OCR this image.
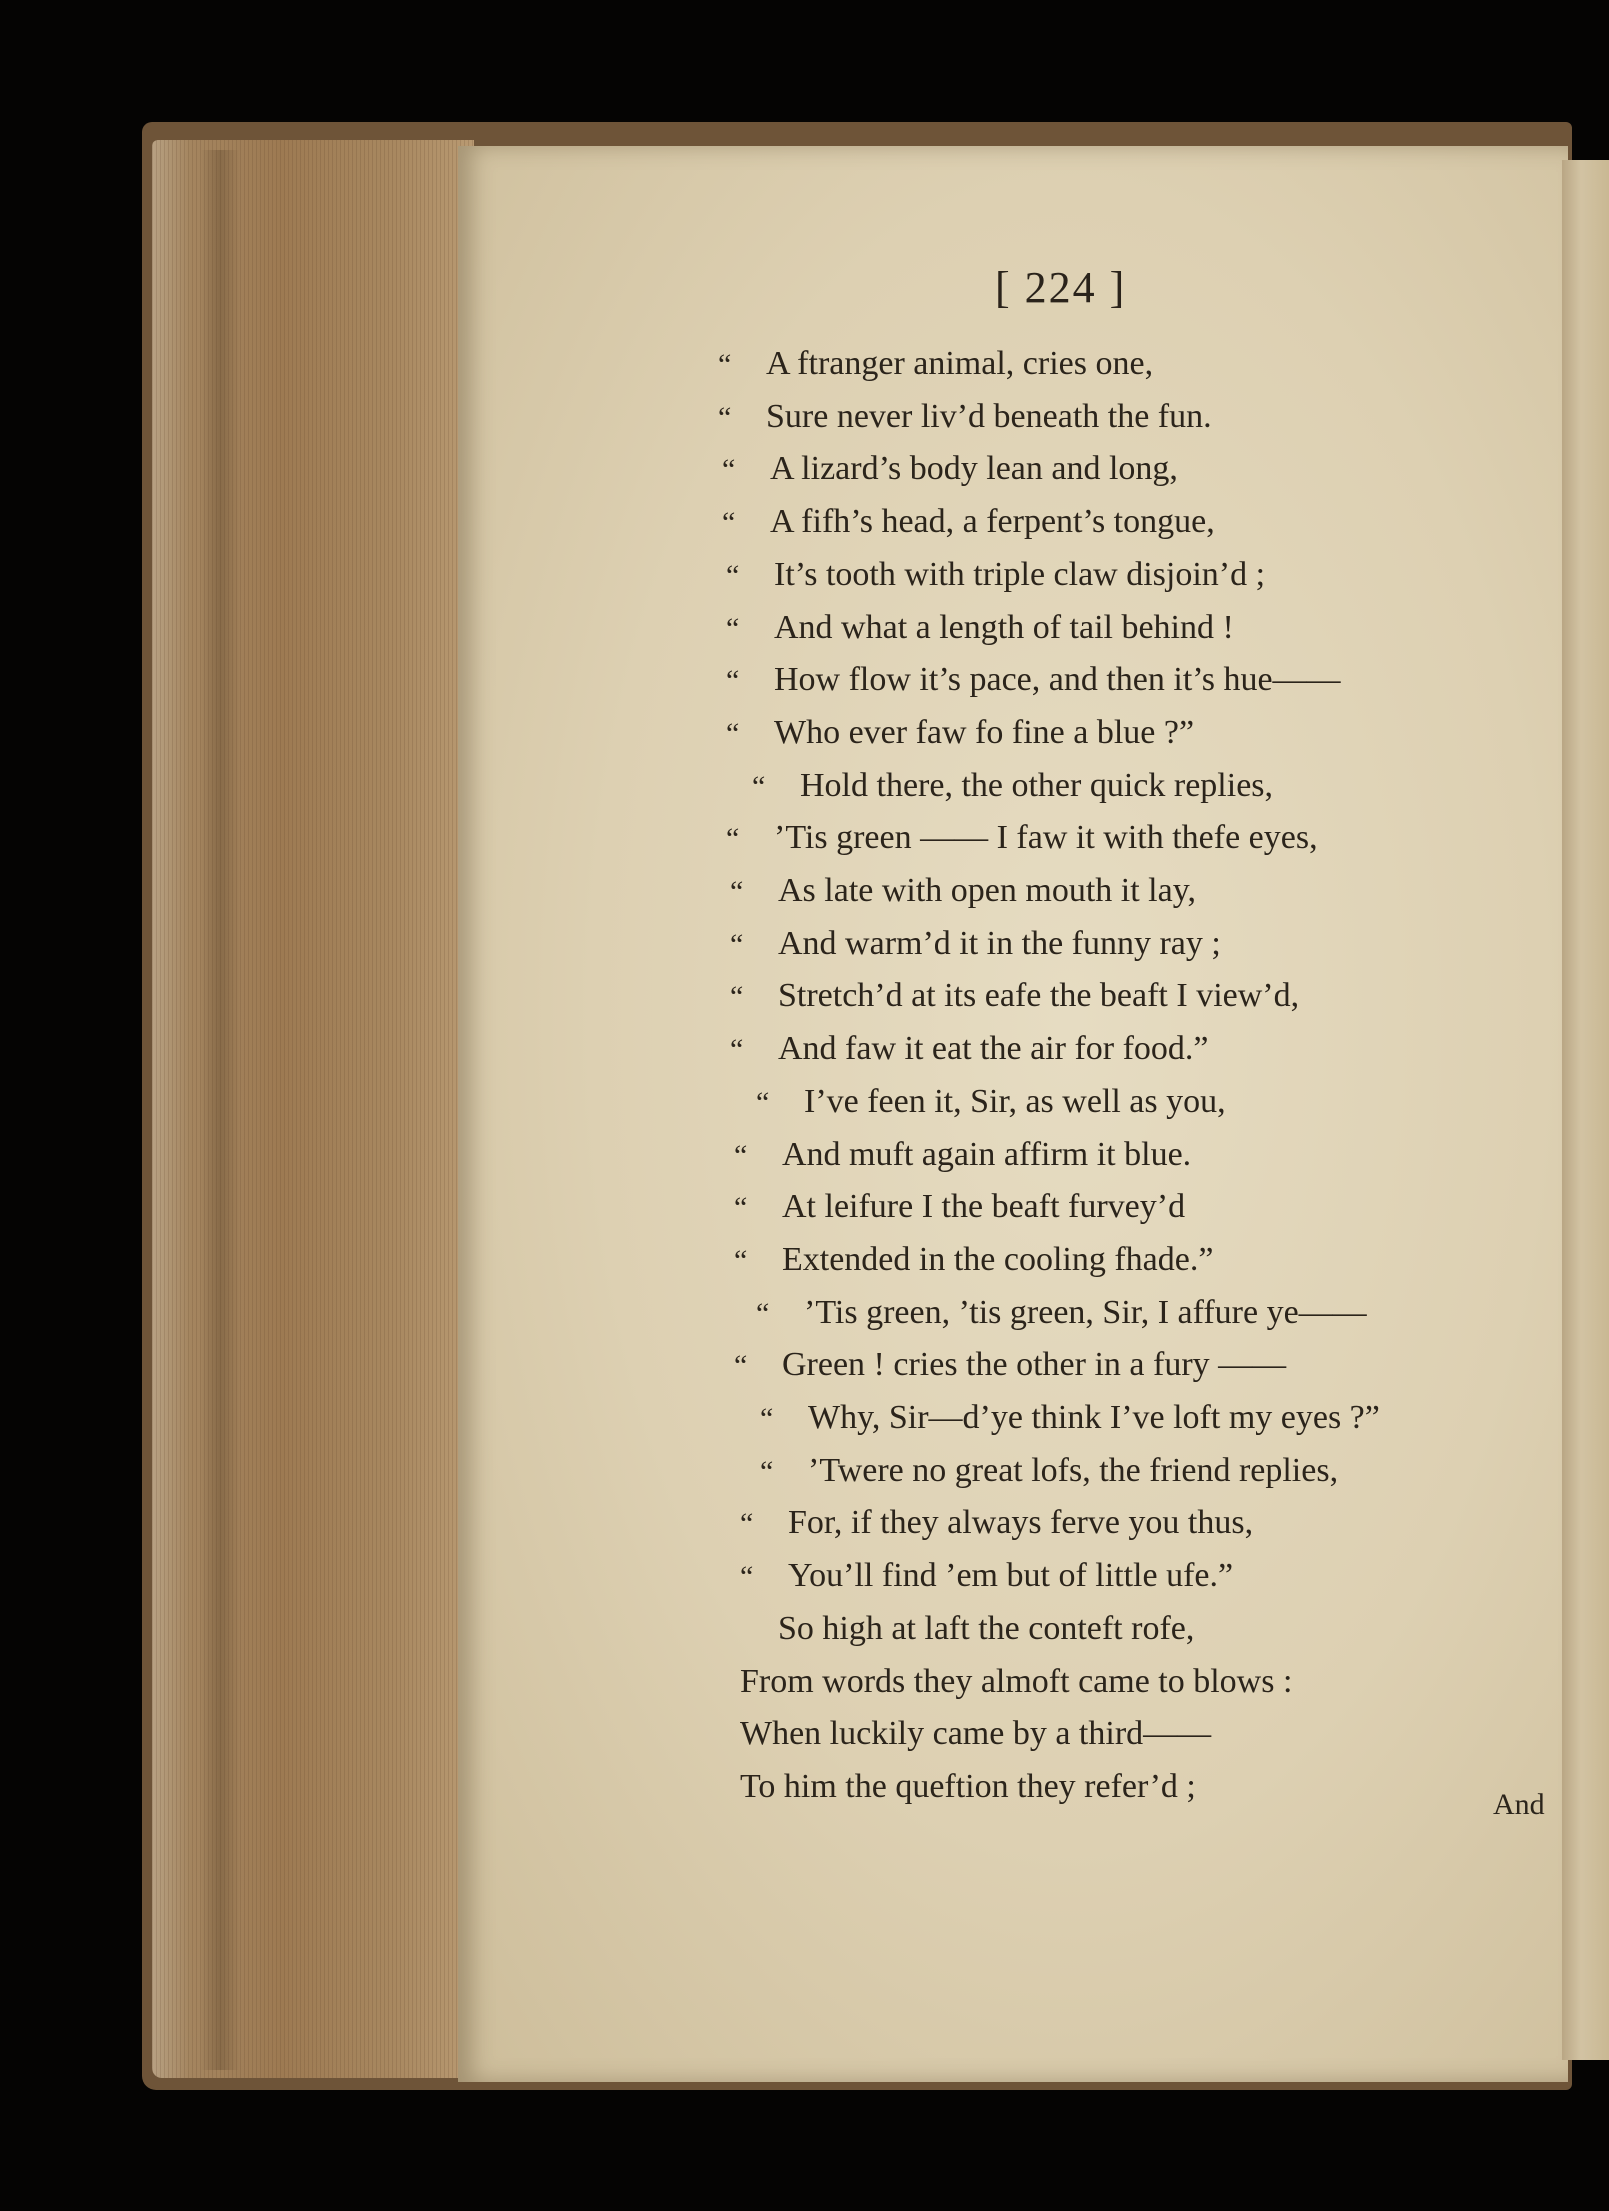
[ 224 ]
“ A ftranger animal, cries one,
“ Sure never liv’d beneath the fun.
“ A lizard’s body lean and long,
“ A fifh’s head, a ferpent’s tongue,
“ It’s tooth with triple claw disjoin’d ;
“ And what a length of tail behind !
“ How flow it’s pace, and then it’s hue——
“ Who ever faw fo fine a blue ?”
“ Hold there, the other quick replies,
“ ’Tis green —— I faw it with thefe eyes,
“ As late with open mouth it lay,
“ And warm’d it in the funny ray ;
“ Stretch’d at its eafe the beaft I view’d,
“ And faw it eat the air for food.”
“ I’ve feen it, Sir, as well as you,
“ And muft again affirm it blue.
“ At leifure I the beaft furvey’d
“ Extended in the cooling fhade.”
“ ’Tis green, ’tis green, Sir, I affure ye——
“ Green ! cries the other in a fury ——
“ Why, Sir—d’ye think I’ve loft my eyes ?”
“ ’Twere no great lofs, the friend replies,
“ For, if they always ferve you thus,
“ You’ll find ’em but of little ufe.”
So high at laft the conteft rofe,
From words they almoft came to blows :
When luckily came by a third——
To him the queftion they refer’d ;	And
